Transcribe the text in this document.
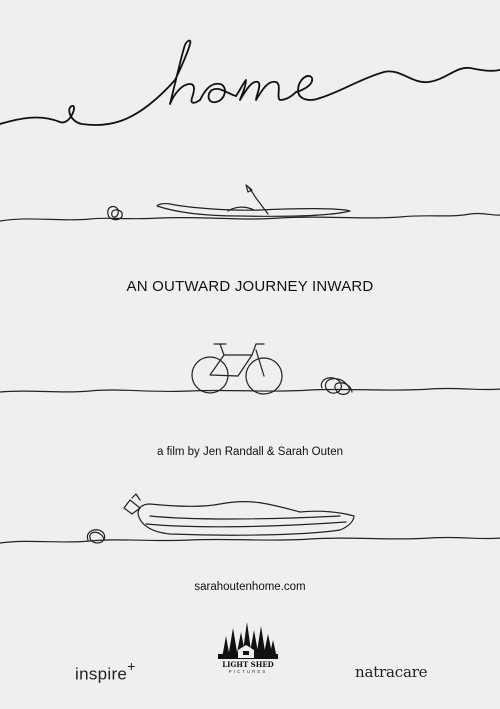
AN OUTWARD JOURNEY INWARD
a film by Jen Randall & Sarah Outen
sarahoutenhome.com
inspire+	LIGHT SHED
PICTURES	natracare
